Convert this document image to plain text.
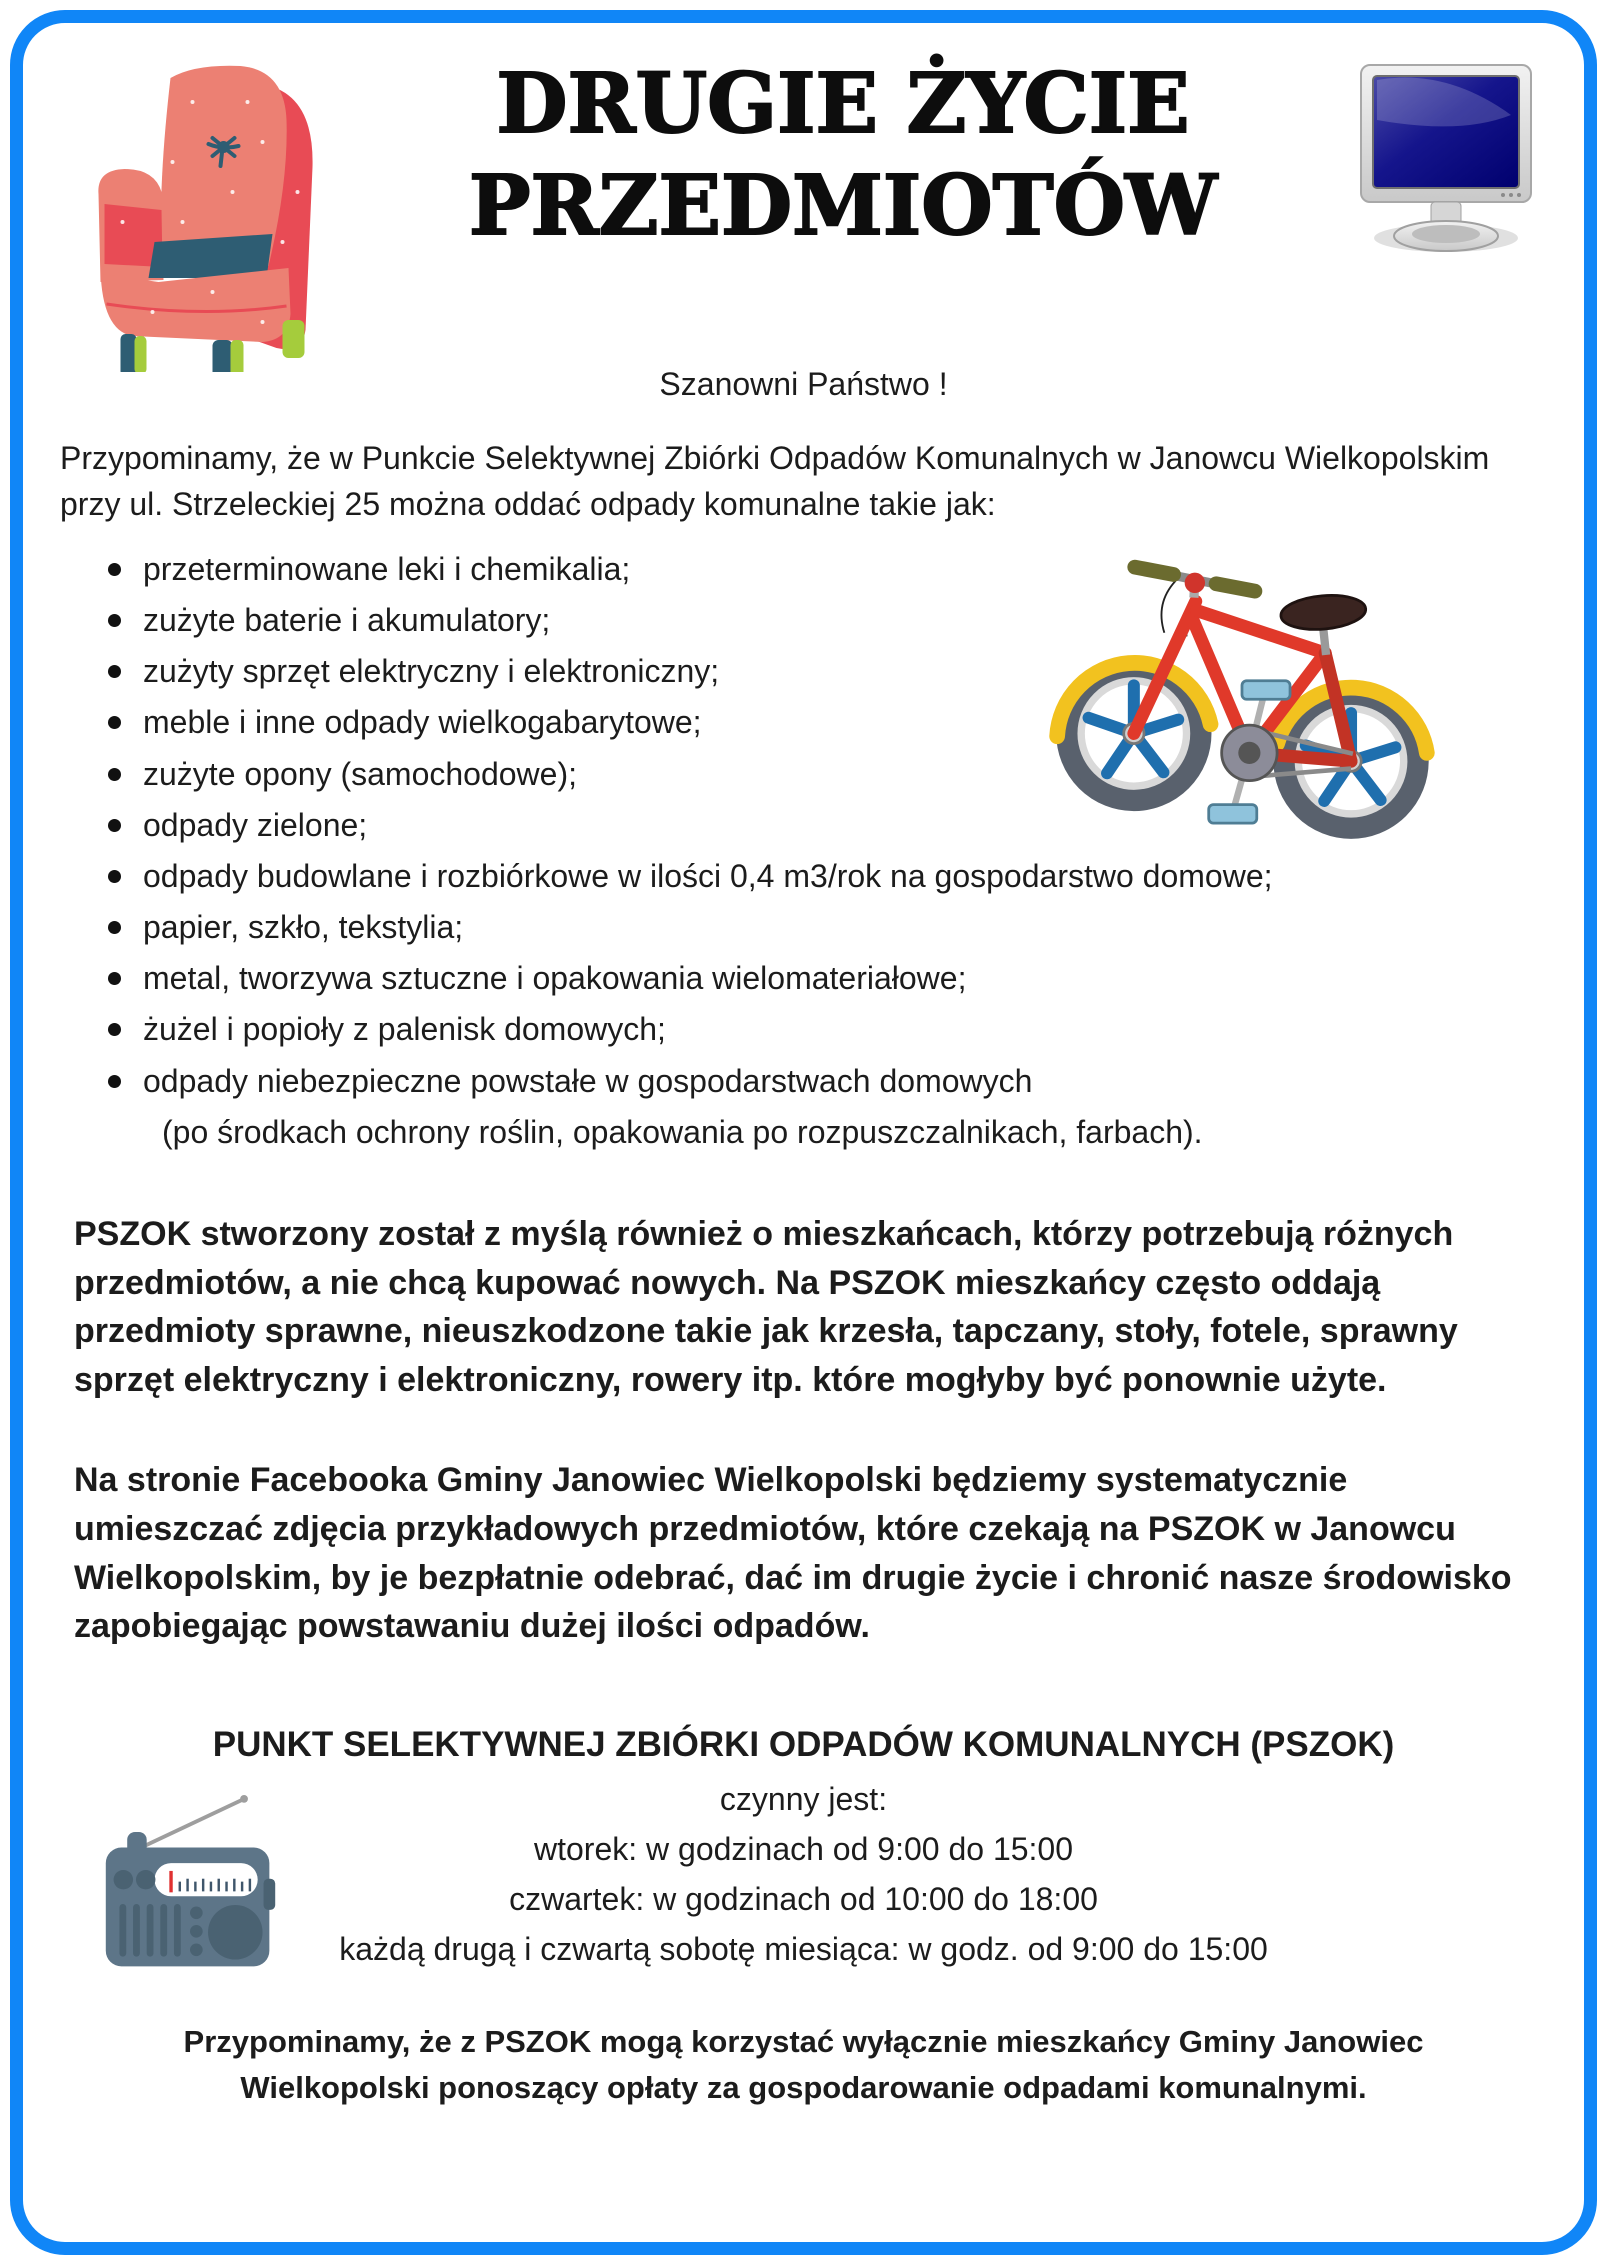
DRUGIE ŻYCIE
PRZEDMIOTÓW

Szanowni Państwo !

Przypominamy, że w Punkcie Selektywnej Zbiórki Odpadów Komunalnych w Janowcu Wielkopolskim przy ul. Strzeleckiej 25 można oddać odpady komunalne takie jak:

przeterminowane leki i chemikalia;
zużyte baterie i akumulatory;
zużyty sprzęt elektryczny i elektroniczny;
meble i inne odpady wielkogabarytowe;
zużyte opony (samochodowe);
odpady zielone;
odpady budowlane i rozbiórkowe w ilości 0,4 m3/rok na gospodarstwo domowe;
papier, szkło, tekstylia;
metal, tworzywa sztuczne i opakowania wielomateriałowe;
żużel i popioły z palenisk domowych;
odpady niebezpieczne powstałe w gospodarstwach domowych
(po środkach ochrony roślin, opakowania po rozpuszczalnikach, farbach).

PSZOK stworzony został z myślą również o mieszkańcach, którzy potrzebują różnych przedmiotów, a nie chcą kupować nowych. Na PSZOK mieszkańcy często oddają przedmioty sprawne, nieuszkodzone takie jak krzesła, tapczany, stoły, fotele, sprawny sprzęt elektryczny i elektroniczny, rowery itp. które mogłyby być ponownie użyte.

Na stronie Facebooka Gminy Janowiec Wielkopolski będziemy systematycznie umieszczać zdjęcia przykładowych przedmiotów, które czekają na PSZOK w Janowcu Wielkopolskim, by je bezpłatnie odebrać, dać im drugie życie i chronić nasze środowisko zapobiegając powstawaniu dużej ilości odpadów.

PUNKT SELEKTYWNEJ ZBIÓRKI ODPADÓW KOMUNALNYCH (PSZOK)
czynny jest:
wtorek: w godzinach od 9:00 do 15:00
czwartek: w godzinach od 10:00 do 18:00
każdą drugą i czwartą sobotę miesiąca: w godz. od 9:00 do 15:00

Przypominamy, że z PSZOK mogą korzystać wyłącznie mieszkańcy Gminy Janowiec Wielkopolski ponoszący opłaty za gospodarowanie odpadami komunalnymi.
